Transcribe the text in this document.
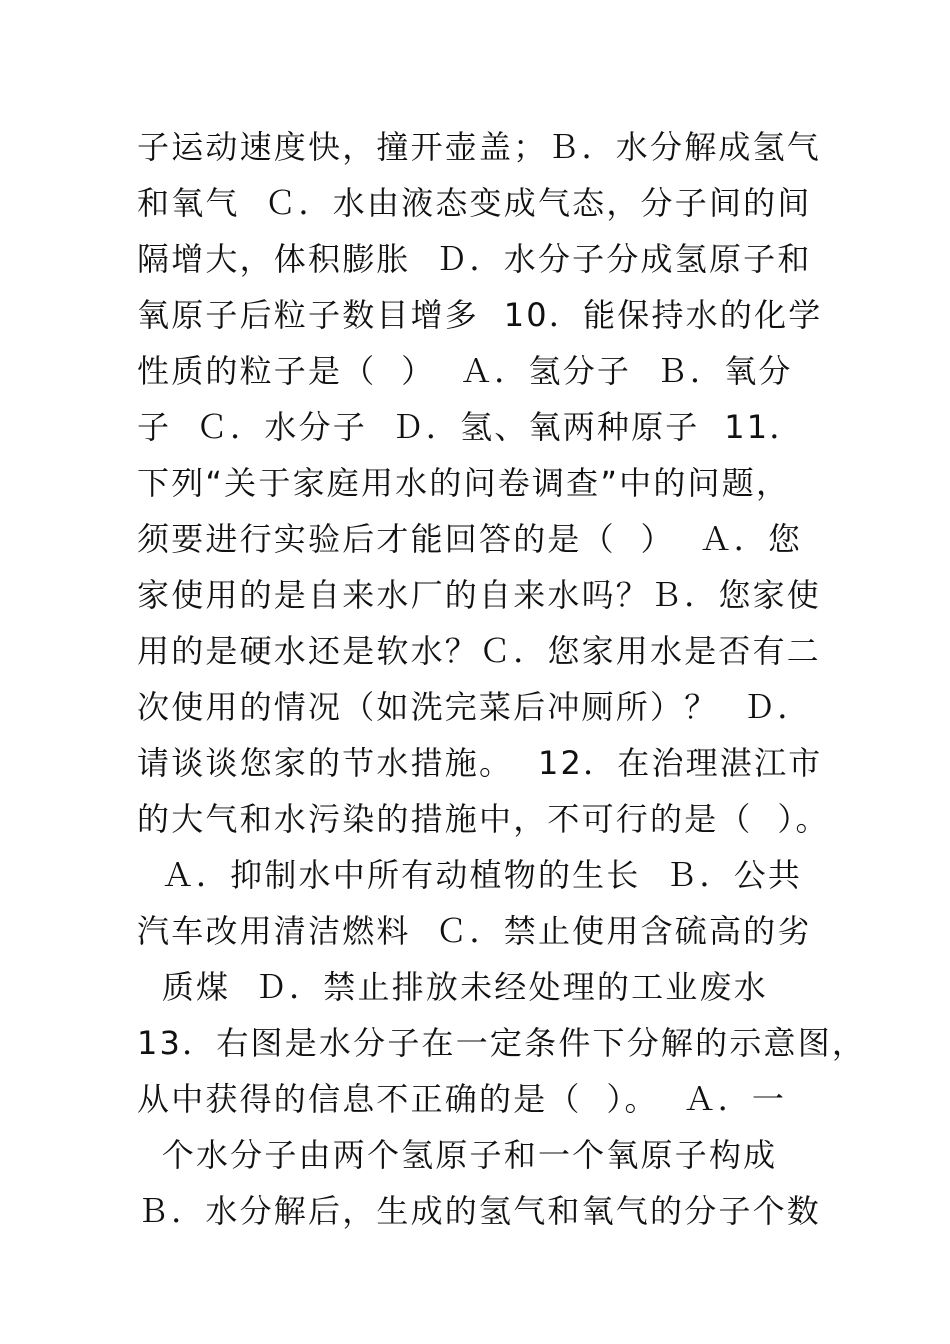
子运动速度快，撞开壶盖；Ｂ．水分解成氢气
和氧气  Ｃ．水由液态变成气态，分子间的间
隔增大，体积膨胀  Ｄ．水分子分成氢原子和
氧原子后粒子数目增多  10．能保持水的化学
性质的粒子是（  ）  Ａ．氢分子  Ｂ．氧分
子  Ｃ．水分子  Ｄ．氢、氧两种原子  11．
下列“关于家庭用水的问卷调查”中的问题，
须要进行实验后才能回答的是（  ）  Ａ．您
家使用的是自来水厂的自来水吗？Ｂ．您家使
用的是硬水还是软水？Ｃ．您家用水是否有二
次使用的情况（如洗完菜后冲厕所）？  Ｄ．
请谈谈您家的节水措施。  12．在治理湛江市
的大气和水污染的措施中，不可行的是（  ）。
Ａ．抑制水中所有动植物的生长  Ｂ．公共
汽车改用清洁燃料  Ｃ．禁止使用含硫高的劣
质煤  Ｄ．禁止排放未经处理的工业废水
13．右图是水分子在一定条件下分解的示意图，
从中获得的信息不正确的是（  ）。  Ａ．一
个水分子由两个氢原子和一个氧原子构成
Ｂ．水分解后，生成的氢气和氧气的分子个数
